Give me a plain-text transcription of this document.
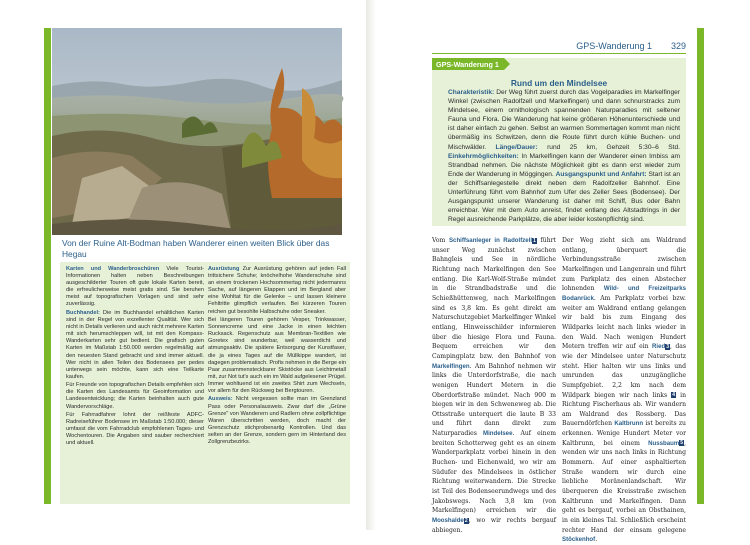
Von der Ruine Alt-Bodman haben Wanderer einen weiten Blick über das Hegau

Karten und Wanderbroschüren Viele Tourist-Informationen halten neben Beschreibungen ausgeschilderter Touren oft gute lokale Karten bereit, die erfreulicherweise meist gratis sind. Sie beruhen meist auf topografischen Vorlagen und sind sehr zuverlässig.

Buchhandel: Die im Buchhandel erhältlichen Karten sind in der Regel von exzellenter Qualität. Wer sich nicht in Details verlieren und auch nicht mehrere Karten mit sich herumschleppen will, ist mit den Kompass-Wanderkarten sehr gut bedient. Die grafisch guten Karten im Maßstab 1:50.000 werden regelmäßig auf den neuesten Stand gebracht und sind immer aktuell. Wer nicht in allen Teilen des Bodensees per pedes unterwegs sein möchte, kann sich eine Teilkarte kaufen.

Für Freunde von topografischen Details empfehlen sich die Karten des Landesamts für Geoinformation und Landesentwicklung; die Karten beinhalten auch gute Wandervorschläge.

Für Fahrradfahrer lohnt der reißfeste ADFC-Radreiseführer Bodensee im Maßstab 1:50.000; dieser umfasst die vom Fahrradclub empfohlenen Tages- und Wochentouren. Die Angaben sind sauber recherchiert und aktuell.

Ausrüstung Zur Ausrüstung gehören auf jeden Fall trittsichere Schuhe; knöchelhohe Wanderschuhe sind an einem trockenen Hochsommertag nicht jedermanns Sache, auf längeren Etappen und im Bergland aber eine Wohltat für die Gelenke – und lassen kleinere Fehltritte glimpflich verlaufen. Bei kürzeren Touren reichen gut besohlte Halbschuhe oder Sneaker.

Bei längeren Touren gehören Vesper, Trinkwasser, Sonnencreme und eine Jacke in einen leichten Rucksack. Regenschutz aus Membran-Textilien wie Goretex sind wunderbar, weil wasserdicht und atmungsaktiv. Die spätere Entsorgung der Kunstfaser, die ja eines Tages auf die Müllkippe wandert, ist dagegen problematisch. Profis nehmen in die Berge ein Paar zusammensteckbarer Skistöcke aus Leichtmetall mit, zur Not tut's auch ein im Wald aufgelesener Prügel. Immer wohltuend ist ein zweites Shirt zum Wechseln, vor allem für den Rückweg bei Bergtouren.

Ausweis: Nicht vergessen sollte man im Grenzland Pass oder Personalausweis. Zwar darf die „Grüne Grenze" von Wanderern und Radlern ohne zollpflichtige Waren überschritten werden, doch macht der Grenzschutz stichprobenartig Kontrollen. Und das selten an der Grenze, sondern gern im Hinterland des Zollgrenzbezirks.

GPS-Wanderung 1 329
GPS-Wanderung 1
Rund um den Mindelsee
Charakteristik: Der Weg führt zuerst durch das Vogelparadies im Markelfinger Winkel (zwischen Radolfzell und Markelfingen) und dann schnurstracks zum Mindelsee, einem ornithologisch spannenden Naturparadies mit seltener Fauna und Flora. Die Wanderung hat keine größeren Höhenunterschiede und ist daher einfach zu gehen. Selbst an warmen Sommertagen kommt man nicht übermäßig ins Schwitzen, denn die Route führt durch kühle Buchen- und Mischwälder. Länge/Dauer: rund 25 km, Gehzeit 5:30–6 Std. Einkehrmöglichkeiten: In Markelfingen kann der Wanderer einen Imbiss am Strandbad nehmen. Die nächste Möglichkeit gibt es dann erst wieder zum Ende der Wanderung in Möggingen. Ausgangspunkt und Anfahrt: Start ist an der Schiffsanlegestelle direkt neben dem Radolfzeller Bahnhof. Eine Unterführung führt vom Bahnhof zum Ufer des Zeller Sees (Bodensee). Der Ausgangspunkt unserer Wanderung ist daher mit Schiff, Bus oder Bahn erreichbar. Wer mit dem Auto anreist, findet entlang des Altstadtrings in der Regel ausreichende Parkplätze, die aber leider kostenpflichtig sind.
Vom Schiffsanleger in Radolfzell1 führt unser Weg zunächst zwischen Bahngleis und See in nördliche Richtung nach Markelfingen den See entlang. Die Karl-Wolf-Straße mündet in die Strandbadstraße und die Schießhüttenweg, nach Markelfingen sind es 3,8 km. Es geht direkt am Naturschutzgebiet Markelfinger Winkel entlang, Hinweisschilder informieren über die hiesige Flora und Fauna. Bequem erreichen wir den Campingplatz bzw. den Bahnhof von Markelfingen. Am Bahnhof nehmen wir links die Unterdorfstraße, die nach wenigen Hundert Metern in die Oberdorfstraße mündet. Nach 900 m biegen wir in den Schweneweg ab. Die Ottsstraße unterquert die laute B 33 und führt dann direkt zum Naturparadies Mindelsee. Auf einem breiten Schotterweg geht es an einem Wanderparkplatz vorbei hinein in den Buchen- und Eichenwald, wo wir am Südufer des Mindelsees in östlicher Richtung weiterwandern. Die Strecke ist Teil des Bodenseerundwegs und des Jakobswegs. Nach 3,8 km (von Markelfingen) erreichen wir die Mooshalde2, wo wir rechts bergauf abbiegen.
Der Weg zieht sich am Waldrand entlang, überquert die Verbindungsstraße zwischen Markelfingen und Langenrain und führt zum Parkplatz des einen Abstecher lohnenden Wild- und Freizeitparks Bodanrück. Am Parkplatz vorbei bzw. weiter am Waldrand entlang gelangen wir bald bis zum Eingang des Wildparks leicht nach links wieder in den Wald. Nach wenigen Hundert Metern treffen wir auf ein Ried3, das wie der Mindelsee unter Naturschutz steht. Hier halten wir uns links und umrunden das unzugängliche Sumpfgebiet. 2,2 km nach dem Wildpark biegen wir nach links 4 in Richtung Fischerhaus ab. Wir wandern am Waldrand des Rossberg. Das Bauerndörfchen Kaltbrunn ist bereits zu erkennen. Wenige Hundert Meter vor Kaltbrunn, bei einem Nussbaum5, wenden wir uns nach links in Richtung Bommern. Auf einer asphaltierten Straße wandern wir durch eine liebliche Moränenlandschaft. Wir überqueren die Kreisstraße zwischen Kaltbrunn und Markelfingen. Dann geht es bergauf, vorbei an Obsthainen, in ein kleines Tal. Schließlich erscheint rechter Hand der einsam gelegene Stöckenhof.
